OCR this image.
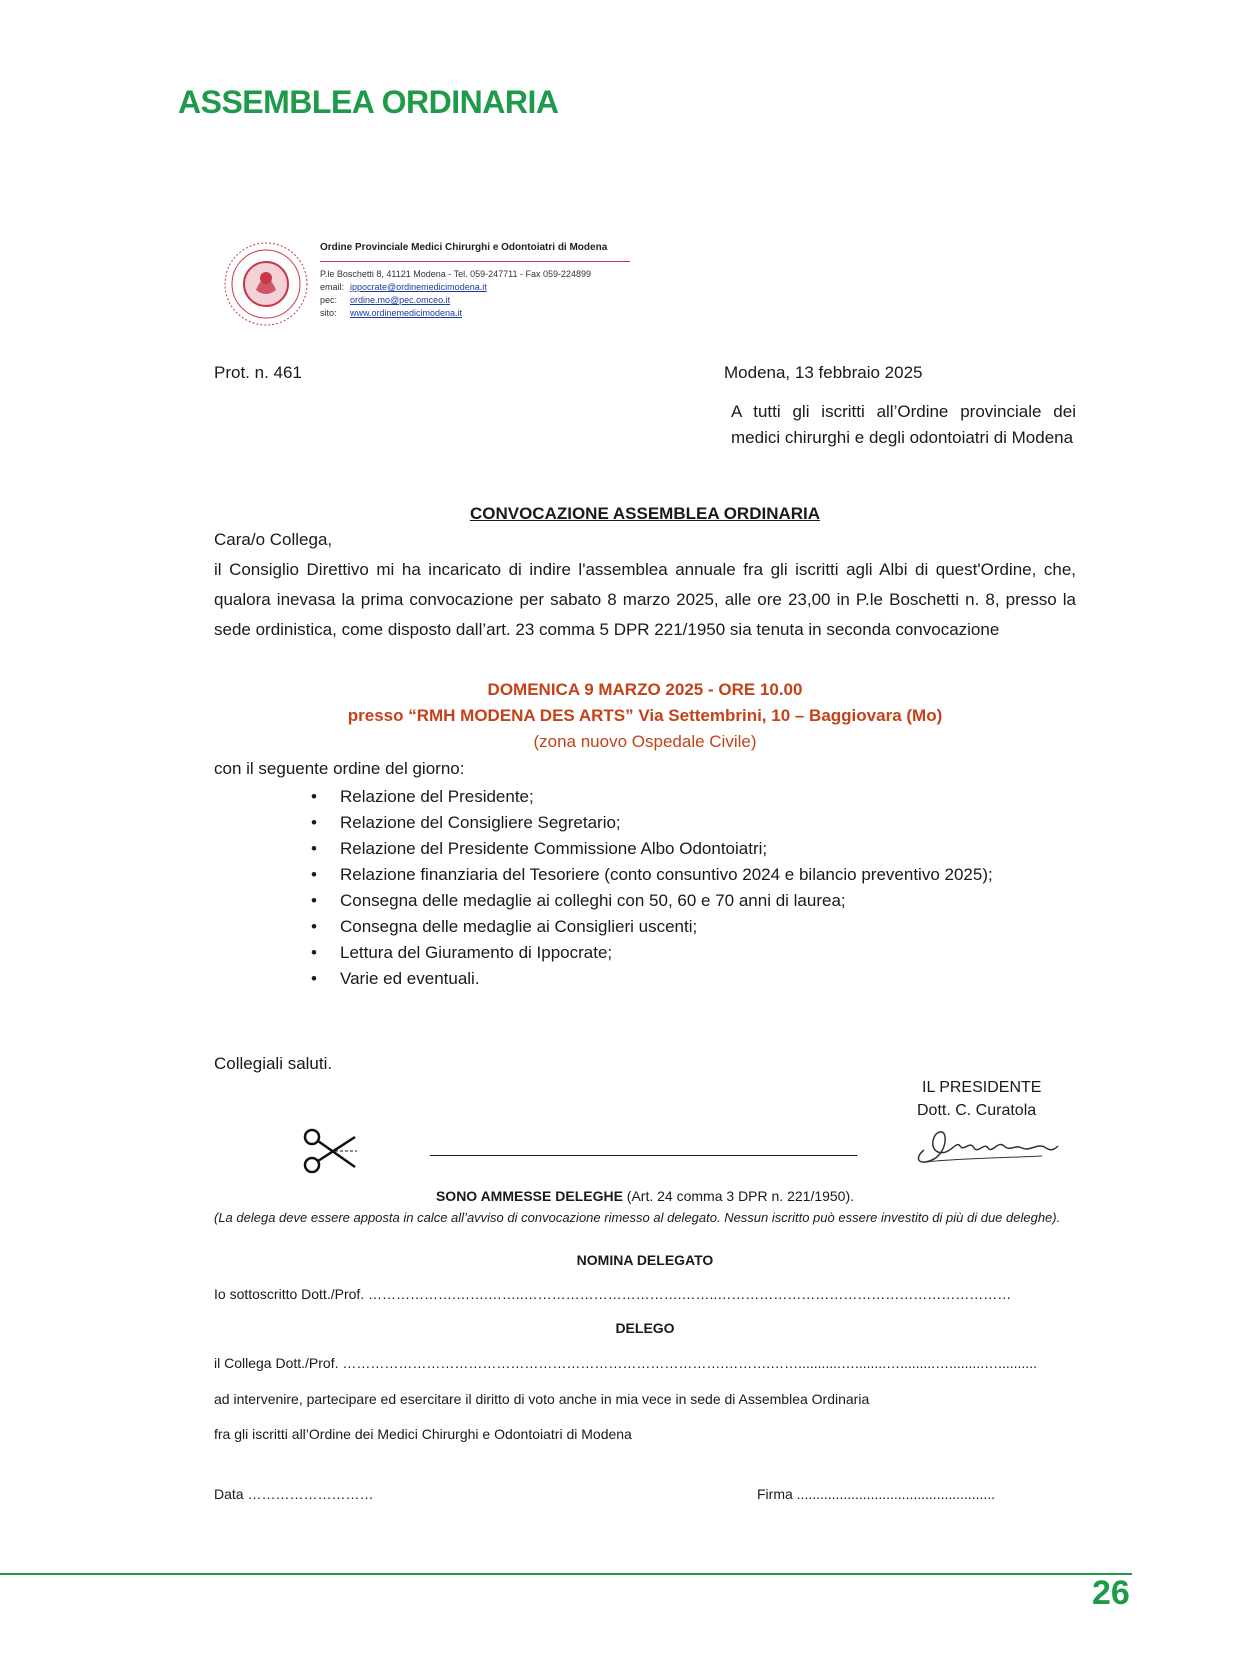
ASSEMBLEA ORDINARIA
Ordine Provinciale Medici Chirurghi e Odontoiatri di Modena
P.le Boschetti 8, 41121 Modena - Tel. 059-247711 - Fax 059-224899
email: ippocrate@ordinemedicimodena.it
pec: ordine.mo@pec.omceo.it
sito: www.ordinemedicimodena.it
Prot. n. 461	Modena, 13 febbraio 2025
A tutti gli iscritti all’Ordine provinciale dei medici chirurghi e degli odontoiatri di Modena
CONVOCAZIONE ASSEMBLEA ORDINARIA
Cara/o Collega,
il Consiglio Direttivo mi ha incaricato di indire l'assemblea annuale fra gli iscritti agli Albi di quest'Ordine, che, qualora inevasa la prima convocazione per sabato 8 marzo 2025, alle ore 23,00 in P.le Boschetti n. 8, presso la sede ordinistica, come disposto dall’art. 23 comma 5 DPR 221/1950 sia tenuta in seconda convocazione
DOMENICA 9 MARZO 2025 - ORE 10.00
presso “RMH MODENA DES ARTS” Via Settembrini, 10 – Baggiovara (Mo)
(zona nuovo Ospedale Civile)
con il seguente ordine del giorno:
• Relazione del Presidente;
• Relazione del Consigliere Segretario;
• Relazione del Presidente Commissione Albo Odontoiatri;
• Relazione finanziaria del Tesoriere (conto consuntivo 2024 e bilancio preventivo 2025);
• Consegna delle medaglie ai colleghi con 50, 60 e 70 anni di laurea;
• Consegna delle medaglie ai Consiglieri uscenti;
• Lettura del Giuramento di Ippocrate;
• Varie ed eventuali.
Collegiali saluti.
IL PRESIDENTE
Dott. C. Curatola
________________________________________________
SONO AMMESSE DELEGHE (Art. 24 comma 3 DPR n. 221/1950).
(La delega deve essere apposta in calce all’avviso di convocazione rimesso al delegato. Nessun iscritto può essere investito di più di due deleghe).
NOMINA DELEGATO
Io sottoscritto Dott./Prof. ……………….…….……..…………………………….……..………………………………………………………
DELEGO
il Collega Dott./Prof. ……………………………………………………………………….……….……...........…........….........….........…..........
ad intervenire, partecipare ed esercitare il diritto di voto anche in mia vece in sede di Assemblea Ordinaria
fra gli iscritti all’Ordine dei Medici Chirurghi e Odontoiatri di Modena
Data ………………………	Firma ...................................................
26
